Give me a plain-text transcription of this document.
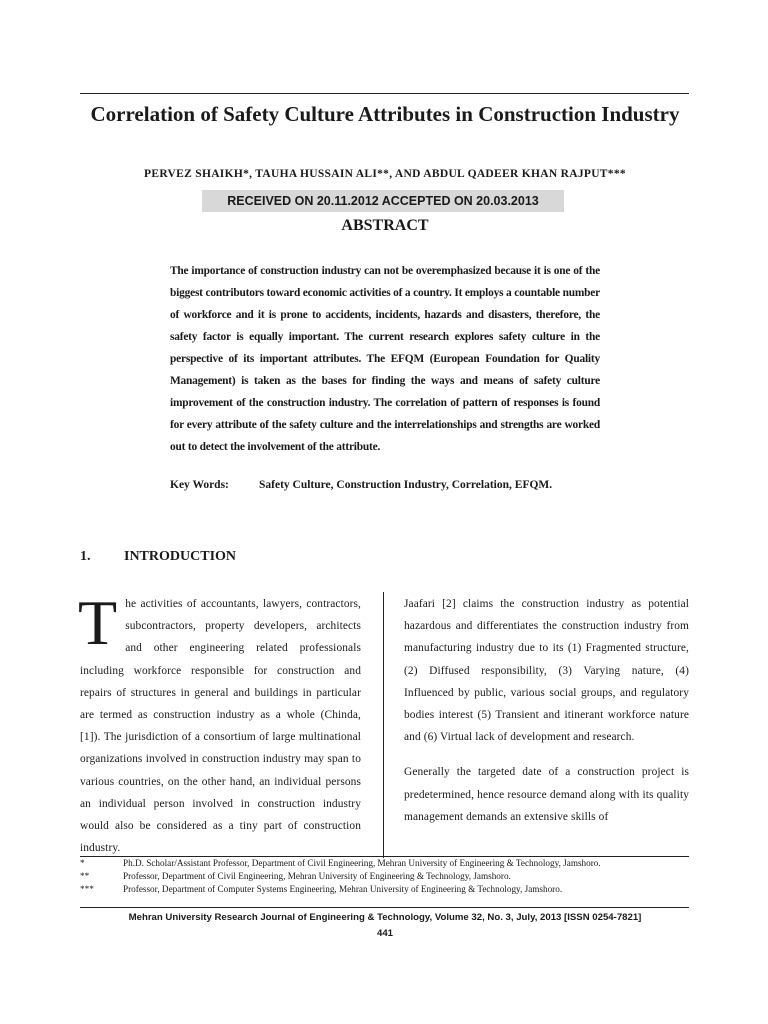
Correlation of Safety Culture Attributes in Construction Industry
PERVEZ SHAIKH*, TAUHA HUSSAIN ALI**, AND ABDUL QADEER KHAN RAJPUT***
RECEIVED ON 20.11.2012 ACCEPTED ON 20.03.2013
ABSTRACT
The importance of construction industry can not be overemphasized because it is one of the biggest contributors toward economic activities of a country. It employs a countable number of workforce and it is prone to accidents, incidents, hazards and disasters, therefore, the safety factor is equally important. The current research explores safety culture in the perspective of its important attributes. The EFQM (European Foundation for Quality Management) is taken as the bases for finding the ways and means of safety culture improvement of the construction industry. The correlation of pattern of responses is found for every attribute of the safety culture and the interrelationships and strengths are worked out to detect the involvement of the attribute.
Key Words:	Safety Culture, Construction Industry, Correlation, EFQM.
1. INTRODUCTION
The activities of accountants, lawyers, contractors, subcontractors, property developers, architects and other engineering related professionals including workforce responsible for construction and repairs of structures in general and buildings in particular are termed as construction industry as a whole (Chinda, [1]). The jurisdiction of a consortium of large multinational organizations involved in construction industry may span to various countries, on the other hand, an individual persons an individual person involved in construction industry would also be considered as a tiny part of construction industry.

Jaafari [2] claims the construction industry as potential hazardous and differentiates the construction industry from manufacturing industry due to its (1) Fragmented structure, (2) Diffused responsibility, (3) Varying nature, (4) Influenced by public, various social groups, and regulatory bodies interest (5) Transient and itinerant workforce nature and (6) Virtual lack of development and research.

Generally the targeted date of a construction project is predetermined, hence resource demand along with its quality management demands an extensive skills of

*	Ph.D. Scholar/Assistant Professor, Department of Civil Engineering, Mehran University of Engineering & Technology, Jamshoro.
**	Professor, Department of Civil Engineering, Mehran University of Engineering & Technology, Jamshoro.
***	Professor, Department of Computer Systems Engineering, Mehran University of Engineering & Technology, Jamshoro.
Mehran University Research Journal of Engineering & Technology, Volume 32, No. 3, July, 2013 [ISSN 0254-7821]
441
